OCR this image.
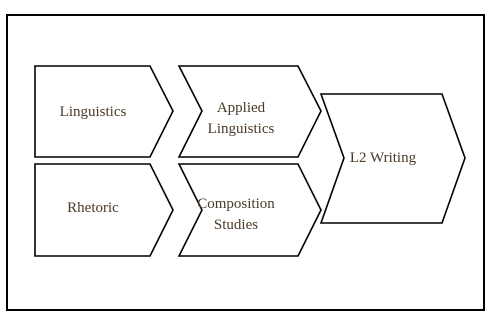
Linguistics
Rhetoric
Applied
Linguistics
Composition
Studies
L2 Writing
